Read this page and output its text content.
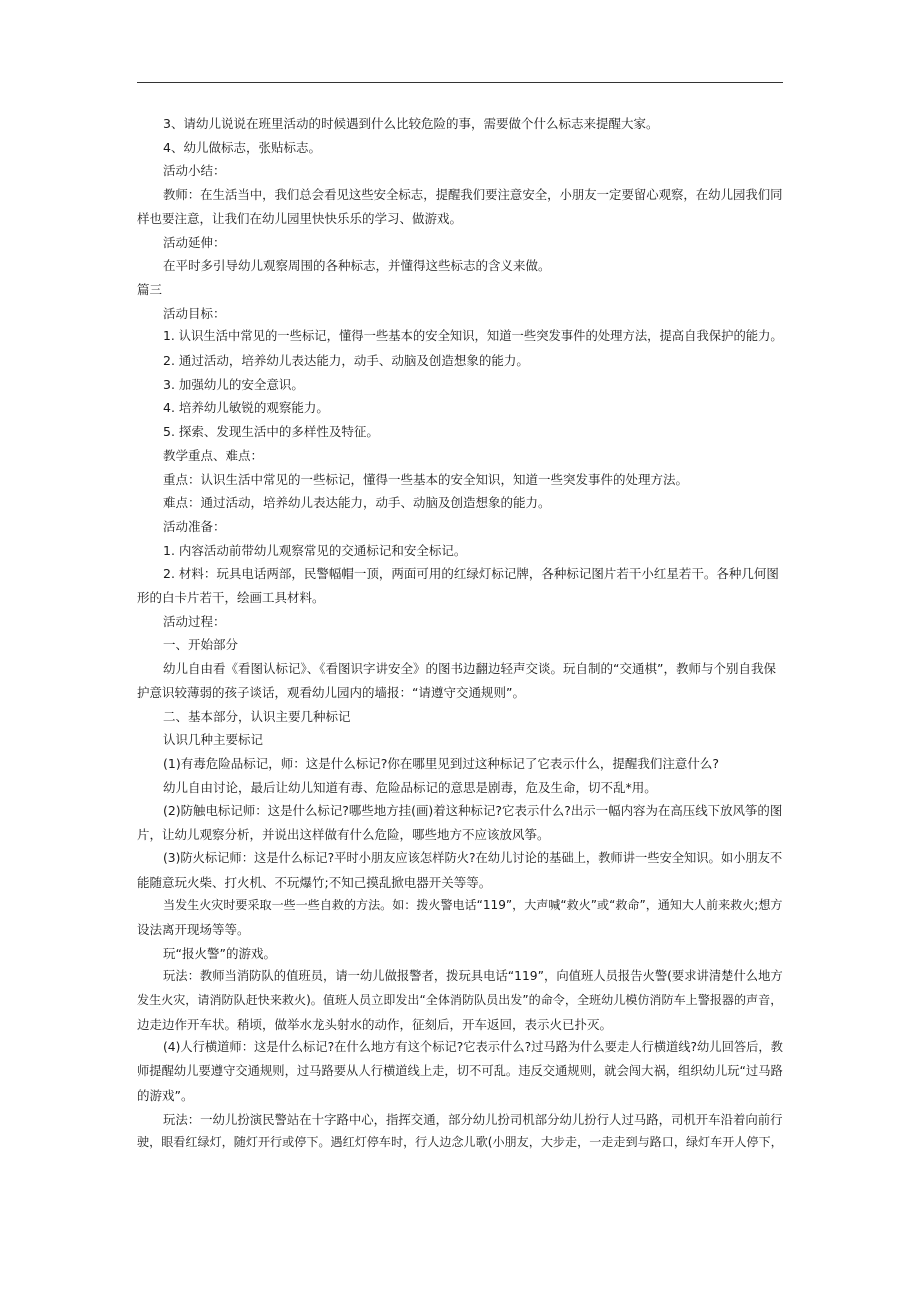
3、请幼儿说说在班里活动的时候遇到什么比较危险的事，需要做个什么标志来提醒大家。
4、幼儿做标志，张贴标志。
活动小结：
教师：在生活当中，我们总会看见这些安全标志，提醒我们要注意安全，小朋友一定要留心观察，在幼儿园我们同
样也要注意，让我们在幼儿园里快快乐乐的学习、做游戏。
活动延伸：
在平时多引导幼儿观察周围的各种标志，并懂得这些标志的含义来做。
篇三
活动目标：
1. 认识生活中常见的一些标记，懂得一些基本的安全知识，知道一些突发事件的处理方法，提高自我保护的能力。
2. 通过活动，培养幼儿表达能力，动手、动脑及创造想象的能力。
3. 加强幼儿的安全意识。
4. 培养幼儿敏锐的观察能力。
5. 探索、发现生活中的多样性及特征。
教学重点、难点：
重点：认识生活中常见的一些标记，懂得一些基本的安全知识，知道一些突发事件的处理方法。
难点：通过活动，培养幼儿表达能力，动手、动脑及创造想象的能力。
活动准备：
1. 内容活动前带幼儿观察常见的交通标记和安全标记。
2. 材料：玩具电话两部，民警幅帽一顶，两面可用的红绿灯标记牌，各种标记图片若干小红星若干。各种几何图
形的白卡片若干，绘画工具材料。
活动过程：
一、开始部分
幼儿自由看《看图认标记》、《看图识字讲安全》的图书边翻边轻声交谈。玩自制的“交通棋”，教师与个别自我保
护意识较薄弱的孩子谈话，观看幼儿园内的墙报：“请遵守交通规则”。
二、基本部分，认识主要几种标记
认识几种主要标记
(1)有毒危险品标记，师：这是什么标记?你在哪里见到过这种标记了它表示什么，提醒我们注意什么?
幼儿自由讨论，最后让幼儿知道有毒、危险品标记的意思是剧毒，危及生命，切不乱*用。
(2)防触电标记师：这是什么标记?哪些地方挂(画)着这种标记?它表示什么?出示一幅内容为在高压线下放风筝的图
片，让幼儿观察分析，并说出这样做有什么危险，哪些地方不应该放风筝。
(3)防火标记师：这是什么标记?平时小朋友应该怎样防火?在幼儿讨论的基础上，教师讲一些安全知识。如小朋友不
能随意玩火柴、打火机、不玩爆竹;不知己摸乱掀电器开关等等。
当发生火灾时要采取一些一些自救的方法。如：拨火警电话“119”，大声喊“救火”或“救命”，通知大人前来救火;想方
设法离开现场等等。
玩“报火警”的游戏。
玩法：教师当消防队的值班员，请一幼儿做报警者，拨玩具电话“119”，向值班人员报告火警(要求讲清楚什么地方
发生火灾，请消防队赶快来救火)。值班人员立即发出“全体消防队员出发”的命令，全班幼儿模仿消防车上警报器的声音，
边走边作开车状。稍顷，做举水龙头射水的动作，征刻后，开车返回，表示火已扑灭。
(4)人行横道师：这是什么标记?在什么地方有这个标记?它表示什么?过马路为什么要走人行横道线?幼儿回答后，教
师提醒幼儿要遵守交通规则，过马路要从人行横道线上走，切不可乱。违反交通规则，就会闯大祸，组织幼儿玩“过马路
的游戏”。
玩法：一幼儿扮演民警站在十字路中心，指挥交通，部分幼儿扮司机部分幼儿扮行人过马路，司机开车沿着向前行
驶，眼看红绿灯，随灯开行或停下。遇红灯停车时，行人边念儿歌(小朋友，大步走，一走走到与路口，绿灯车开人停下，
